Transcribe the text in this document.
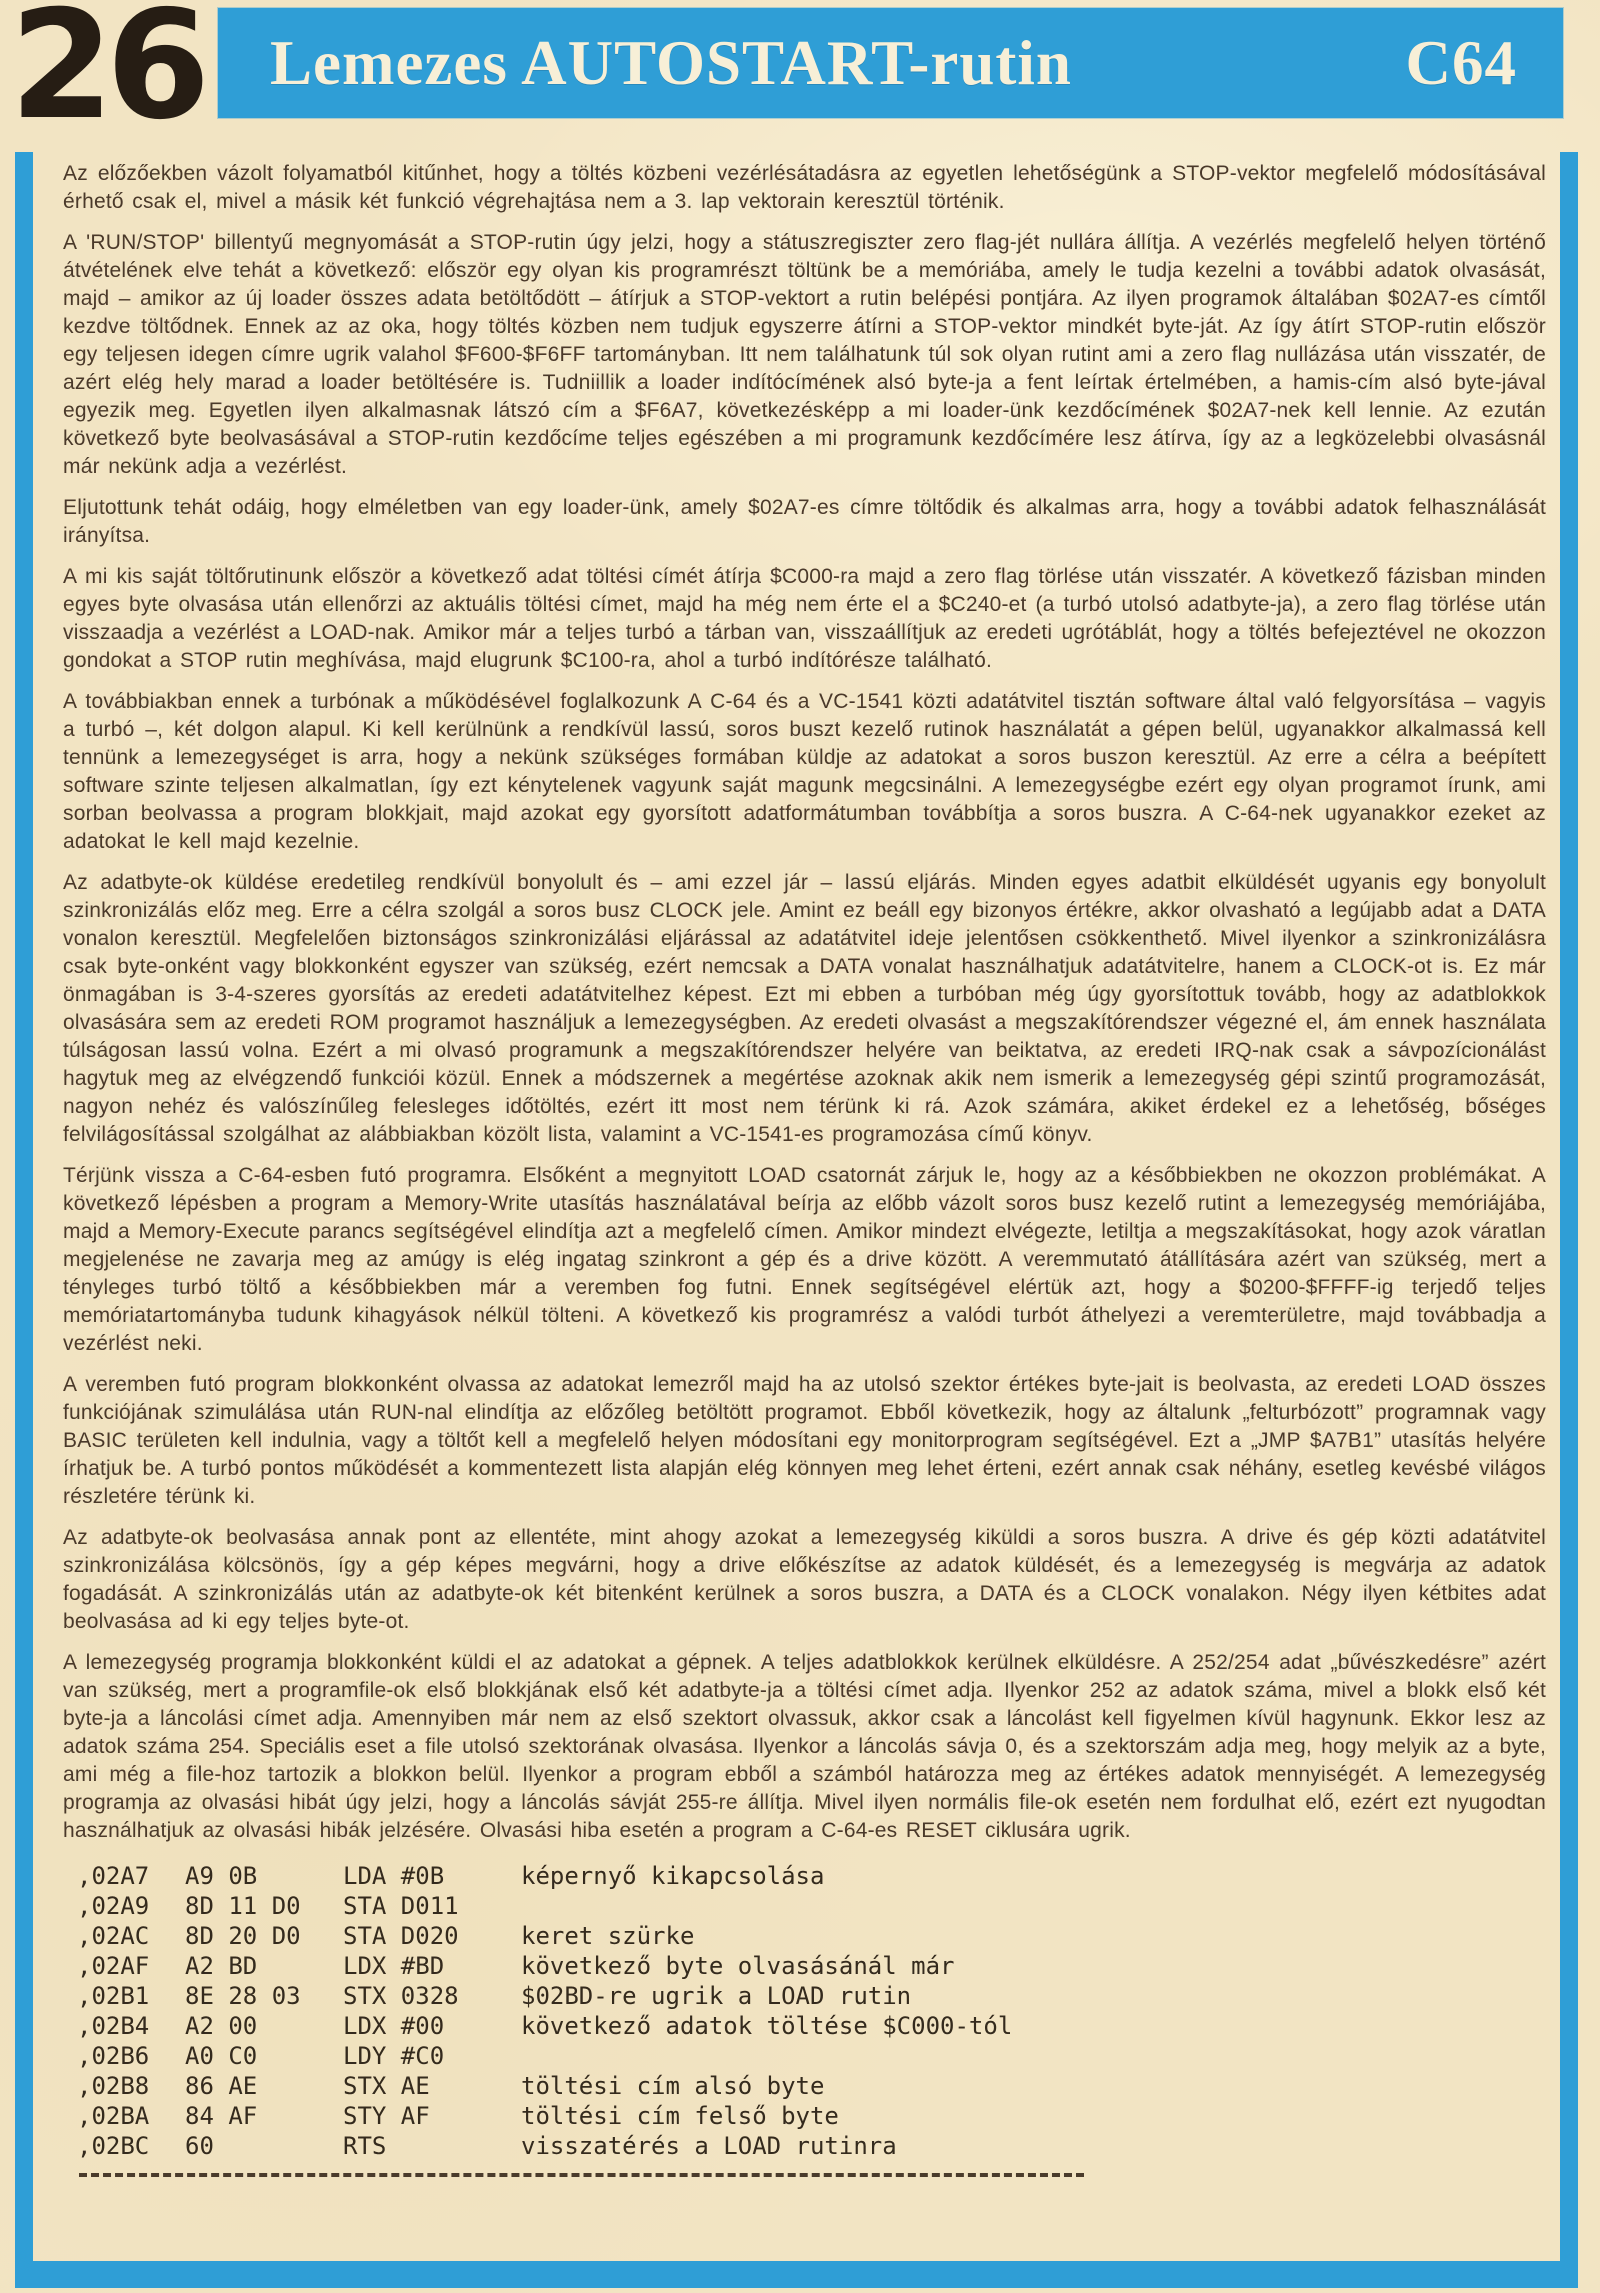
26 Lemezes AUTOSTART-rutin	C64

Az előzőekben vázolt folyamatból kitűnhet, hogy a töltés közbeni vezérlésátadásra az egyetlen lehetőségünk a STOP-vektor megfelelő módosításával érhető csak el, mivel a másik két funkció végrehajtása nem a 3. lap vektorain keresztül történik.

A 'RUN/STOP' billentyű megnyomását a STOP-rutin úgy jelzi, hogy a státuszregiszter zero flag-jét nullára állítja. A vezérlés megfelelő helyen történő átvételének elve tehát a következő: először egy olyan kis programrészt töltünk be a memóriába, amely le tudja kezelni a további adatok olvasását, majd – amikor az új loader összes adata betöltődött – átírjuk a STOP-vektort a rutin belépési pontjára. Az ilyen programok általában $02A7-es címtől kezdve töltődnek. Ennek az az oka, hogy töltés közben nem tudjuk egyszerre átírni a STOP-vektor mindkét byte-ját. Az így átírt STOP-rutin először egy teljesen idegen címre ugrik valahol $F600-$F6FF tartományban. Itt nem találhatunk túl sok olyan rutint ami a zero flag nullázása után visszatér, de azért elég hely marad a loader betöltésére is. Tudniillik a loader indítócímének alsó byte-ja a fent leírtak értelmében, a hamis-cím alsó byte-jával egyezik meg. Egyetlen ilyen alkalmasnak látszó cím a $F6A7, következésképp a mi loader-ünk kezdőcímének $02A7-nek kell lennie. Az ezután következő byte beolvasásával a STOP-rutin kezdőcíme teljes egészében a mi programunk kezdőcímére lesz átírva, így az a legközelebbi olvasásnál már nekünk adja a vezérlést.

Eljutottunk tehát odáig, hogy elméletben van egy loader-ünk, amely $02A7-es címre töltődik és alkalmas arra, hogy a további adatok felhasználását irányítsa.

A mi kis saját töltőrutinunk először a következő adat töltési címét átírja $C000-ra majd a zero flag törlése után visszatér. A következő fázisban minden egyes byte olvasása után ellenőrzi az aktuális töltési címet, majd ha még nem érte el a $C240-et (a turbó utolsó adatbyte-ja), a zero flag törlése után visszaadja a vezérlést a LOAD-nak. Amikor már a teljes turbó a tárban van, visszaállítjuk az eredeti ugrótáblát, hogy a töltés befejeztével ne okozzon gondokat a STOP rutin meghívása, majd elugrunk $C100-ra, ahol a turbó indítórésze található.

A továbbiakban ennek a turbónak a működésével foglalkozunk A C-64 és a VC-1541 közti adatátvitel tisztán software által való felgyorsítása – vagyis a turbó –, két dolgon alapul. Ki kell kerülnünk a rendkívül lassú, soros buszt kezelő rutinok használatát a gépen belül, ugyanakkor alkalmassá kell tennünk a lemezegységet is arra, hogy a nekünk szükséges formában küldje az adatokat a soros buszon keresztül. Az erre a célra a beépített software szinte teljesen alkalmatlan, így ezt kénytelenek vagyunk saját magunk megcsinálni. A lemezegységbe ezért egy olyan programot írunk, ami sorban beolvassa a program blokkjait, majd azokat egy gyorsított adatformátumban továbbítja a soros buszra. A C-64-nek ugyanakkor ezeket az adatokat le kell majd kezelnie.

Az adatbyte-ok küldése eredetileg rendkívül bonyolult és – ami ezzel jár – lassú eljárás. Minden egyes adatbit elküldését ugyanis egy bonyolult szinkronizálás előz meg. Erre a célra szolgál a soros busz CLOCK jele. Amint ez beáll egy bizonyos értékre, akkor olvasható a legújabb adat a DATA vonalon keresztül. Megfelelően biztonságos szinkronizálási eljárással az adatátvitel ideje jelentősen csökkenthető. Mivel ilyenkor a szinkronizálásra csak byte-onként vagy blokkonként egyszer van szükség, ezért nemcsak a DATA vonalat használhatjuk adatátvitelre, hanem a CLOCK-ot is. Ez már önmagában is 3-4-szeres gyorsítás az eredeti adatátvitelhez képest. Ezt mi ebben a turbóban még úgy gyorsítottuk tovább, hogy az adatblokkok olvasására sem az eredeti ROM programot használjuk a lemezegységben. Az eredeti olvasást a megszakítórendszer végezné el, ám ennek használata túlságosan lassú volna. Ezért a mi olvasó programunk a megszakítórendszer helyére van beiktatva, az eredeti IRQ-nak csak a sávpozícionálást hagytuk meg az elvégzendő funkciói közül. Ennek a módszernek a megértése azoknak akik nem ismerik a lemezegység gépi szintű programozását, nagyon nehéz és valószínűleg felesleges időtöltés, ezért itt most nem térünk ki rá. Azok számára, akiket érdekel ez a lehetőség, bőséges felvilágosítással szolgálhat az alábbiakban közölt lista, valamint a VC-1541-es programozása című könyv.

Térjünk vissza a C-64-esben futó programra. Elsőként a megnyitott LOAD csatornát zárjuk le, hogy az a későbbiekben ne okozzon problémákat. A következő lépésben a program a Memory-Write utasítás használatával beírja az előbb vázolt soros busz kezelő rutint a lemezegység memóriájába, majd a Memory-Execute parancs segítségével elindítja azt a megfelelő címen. Amikor mindezt elvégezte, letiltja a megszakításokat, hogy azok váratlan megjelenése ne zavarja meg az amúgy is elég ingatag szinkront a gép és a drive között. A veremmutató átállítására azért van szükség, mert a tényleges turbó töltő a későbbiekben már a veremben fog futni. Ennek segítségével elértük azt, hogy a $0200-$FFFF-ig terjedő teljes memóriatartományba tudunk kihagyások nélkül tölteni. A következő kis programrész a valódi turbót áthelyezi a veremterületre, majd továbbadja a vezérlést neki.

A veremben futó program blokkonként olvassa az adatokat lemezről majd ha az utolsó szektor értékes byte-jait is beolvasta, az eredeti LOAD összes funkciójának szimulálása után RUN-nal elindítja az előzőleg betöltött programot. Ebből következik, hogy az általunk „felturbózott” programnak vagy BASIC területen kell indulnia, vagy a töltőt kell a megfelelő helyen módosítani egy monitorprogram segítségével. Ezt a „JMP $A7B1” utasítás helyére írhatjuk be. A turbó pontos működését a kommentezett lista alapján elég könnyen meg lehet érteni, ezért annak csak néhány, esetleg kevésbé világos részletére térünk ki.

Az adatbyte-ok beolvasása annak pont az ellentéte, mint ahogy azokat a lemezegység kiküldi a soros buszra. A drive és gép közti adatátvitel szinkronizálása kölcsönös, így a gép képes megvárni, hogy a drive előkészítse az adatok küldését, és a lemezegység is megvárja az adatok fogadását. A szinkronizálás után az adatbyte-ok két bitenként kerülnek a soros buszra, a DATA és a CLOCK vonalakon. Négy ilyen kétbites adat beolvasása ad ki egy teljes byte-ot.

A lemezegység programja blokkonként küldi el az adatokat a gépnek. A teljes adatblokkok kerülnek elküldésre. A 252/254 adat „bűvészkedésre” azért van szükség, mert a programfile-ok első blokkjának első két adatbyte-ja a töltési címet adja. Ilyenkor 252 az adatok száma, mivel a blokk első két byte-ja a láncolási címet adja. Amennyiben már nem az első szektort olvassuk, akkor csak a láncolást kell figyelmen kívül hagynunk. Ekkor lesz az adatok száma 254. Speciális eset a file utolsó szektorának olvasása. Ilyenkor a láncolás sávja 0, és a szektorszám adja meg, hogy melyik az a byte, ami még a file-hoz tartozik a blokkon belül. Ilyenkor a program ebből a számból határozza meg az értékes adatok mennyiségét. A lemezegység programja az olvasási hibát úgy jelzi, hogy a láncolás sávját 255-re állítja. Mivel ilyen normális file-ok esetén nem fordulhat elő, ezért ezt nyugodtan használhatjuk az olvasási hibák jelzésére. Olvasási hiba esetén a program a C-64-es RESET ciklusára ugrik.

,02A7	A9 0B	LDA #0B	képernyő kikapcsolása
,02A9	8D 11 D0	STA D011
,02AC	8D 20 D0	STA D020	keret szürke
,02AF	A2 BD	LDX #BD	következő byte olvasásánál már
,02B1	8E 28 03	STX 0328	$02BD-re ugrik a LOAD rutin
,02B4	A2 00	LDX #00	következő adatok töltése $C000-tól
,02B6	A0 C0	LDY #C0
,02B8	86 AE	STX AE	töltési cím alsó byte
,02BA	84 AF	STY AF	töltési cím felső byte
,02BC	60	RTS	visszatérés a LOAD rutinra
